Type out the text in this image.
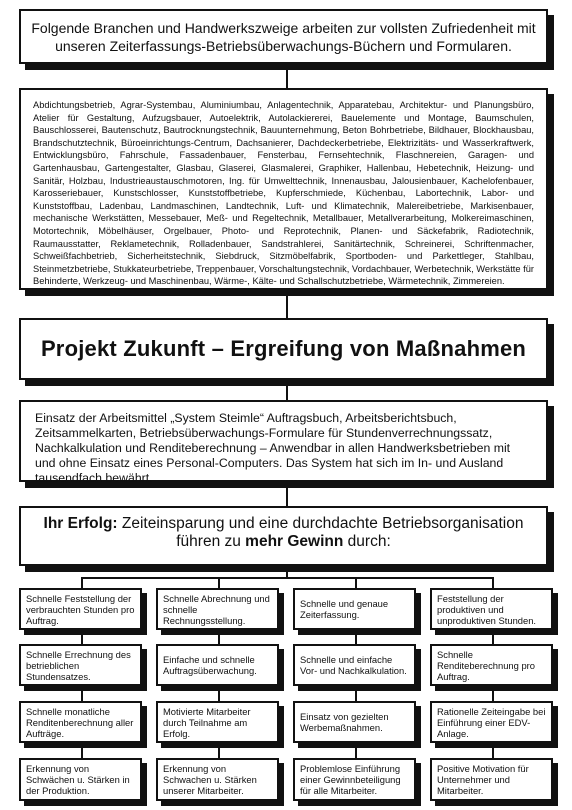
Folgende Branchen und Handwerkszweige arbeiten zur vollsten Zufriedenheit mit unseren Zeiterfassungs-Betriebsüberwachungs-Büchern und Formularen.
Abdichtungsbetrieb, Agrar-Systembau, Aluminiumbau, Anlagentechnik, Apparatebau, Architektur- und Planungsbüro, Atelier für Gestaltung, Aufzugsbauer, Autoelektrik, Autolackiererei, Bauelemente und Montage, Baumschulen, Bauschlosserei, Bautenschutz, Bautrocknungstechnik, Bauunternehmung, Beton Bohrbetriebe, Bildhauer, Blockhausbau, Brandschutztechnik, Büroeinrichtungs-Centrum, Dachsanierer, Dachdeckerbetriebe, Elektrizitäts- und Wasserkraftwerk, Entwicklungsbüro, Fahrschule, Fassadenbauer, Fensterbau, Fernsehtechnik, Flaschnereien, Garagen- und Gartenhausbau, Gartengestalter, Glasbau, Glaserei, Glasmalerei, Graphiker, Hallenbau, Hebetechnik, Heizung- und Sanitär, Holzbau, Industrieaustauschmotoren, Ing. für Umwelttechnik, Innenausbau, Jalousienbauer, Kachelofenbauer, Karosseriebauer, Kunstschlosser, Kunststoffbetriebe, Kupferschmiede, Küchenbau, Labortechnik, Labor- und Kunststoffbau, Ladenbau, Landmaschinen, Landtechnik, Luft- und Klimatechnik, Malereibetriebe, Markisenbauer, mechanische Werkstätten, Messebauer, Meß- und Regeltechnik, Metallbauer, Metallverarbeitung, Molkereimaschinen, Motortechnik, Möbelhäuser, Orgelbauer, Photo- und Reprotechnik, Planen- und Säckefabrik, Radiotechnik, Raumausstatter, Reklametechnik, Rolladenbauer, Sandstrahlerei, Sanitärtechnik, Schreinerei, Schriftenmacher, Schweißfachbetrieb, Sicherheitstechnik, Siebdruck, Sitzmöbelfabrik, Sportboden- und Parkettleger, Stahlbau, Steinmetzbetriebe, Stukkateurbetriebe, Treppenbauer, Vorschaltungstechnik, Vordachbauer, Werbetechnik, Werkstätte für Behinderte, Werkzeug- und Maschinenbau, Wärme-, Kälte- und Schallschutzbetriebe, Wärmetechnik, Zimmereien.
Projekt Zukunft – Ergreifung von Maßnahmen
Einsatz der Arbeitsmittel „System Steimle“ Auftragsbuch, Arbeitsberichtsbuch, Zeitsammelkarten, Betriebsüberwachungs-Formulare für Stundenverrechnungssatz, Nachkalkulation und Renditeberechnung – Anwendbar in allen Handwerksbetrieben mit und ohne Einsatz eines Personal-Computers. Das System hat sich im In- und Ausland tausendfach bewährt.
Ihr Erfolg: Zeiteinsparung und eine durchdachte Betriebsorganisation führen zu mehr Gewinn durch:
Schnelle Feststellung der verbrauchten Stunden pro Auftrag.
Schnelle Abrechnung und schnelle Rechnungsstellung.
Schnelle und genaue Zeiterfassung.
Feststellung der produktiven und unproduktiven Stunden.
Schnelle Errechnung des betrieblichen Stundensatzes.
Einfache und schnelle Auftragsüberwachung.
Schnelle und einfache Vor- und Nachkalkulation.
Schnelle Renditeberechnung pro Auftrag.
Schnelle monatliche Renditenberechnung aller Aufträge.
Motivierte Mitarbeiter durch Teilnahme am Erfolg.
Einsatz von gezielten Werbemaßnahmen.
Rationelle Zeiteingabe bei Einführung einer EDV-Anlage.
Erkennung von Schwächen u. Stärken in der Produktion.
Erkennung von Schwachen u. Stärken unserer Mitarbeiter.
Problemlose Einführung einer Gewinnbeteiligung für alle Mitarbeiter.
Positive Motivation für Unternehmer und Mitarbeiter.
